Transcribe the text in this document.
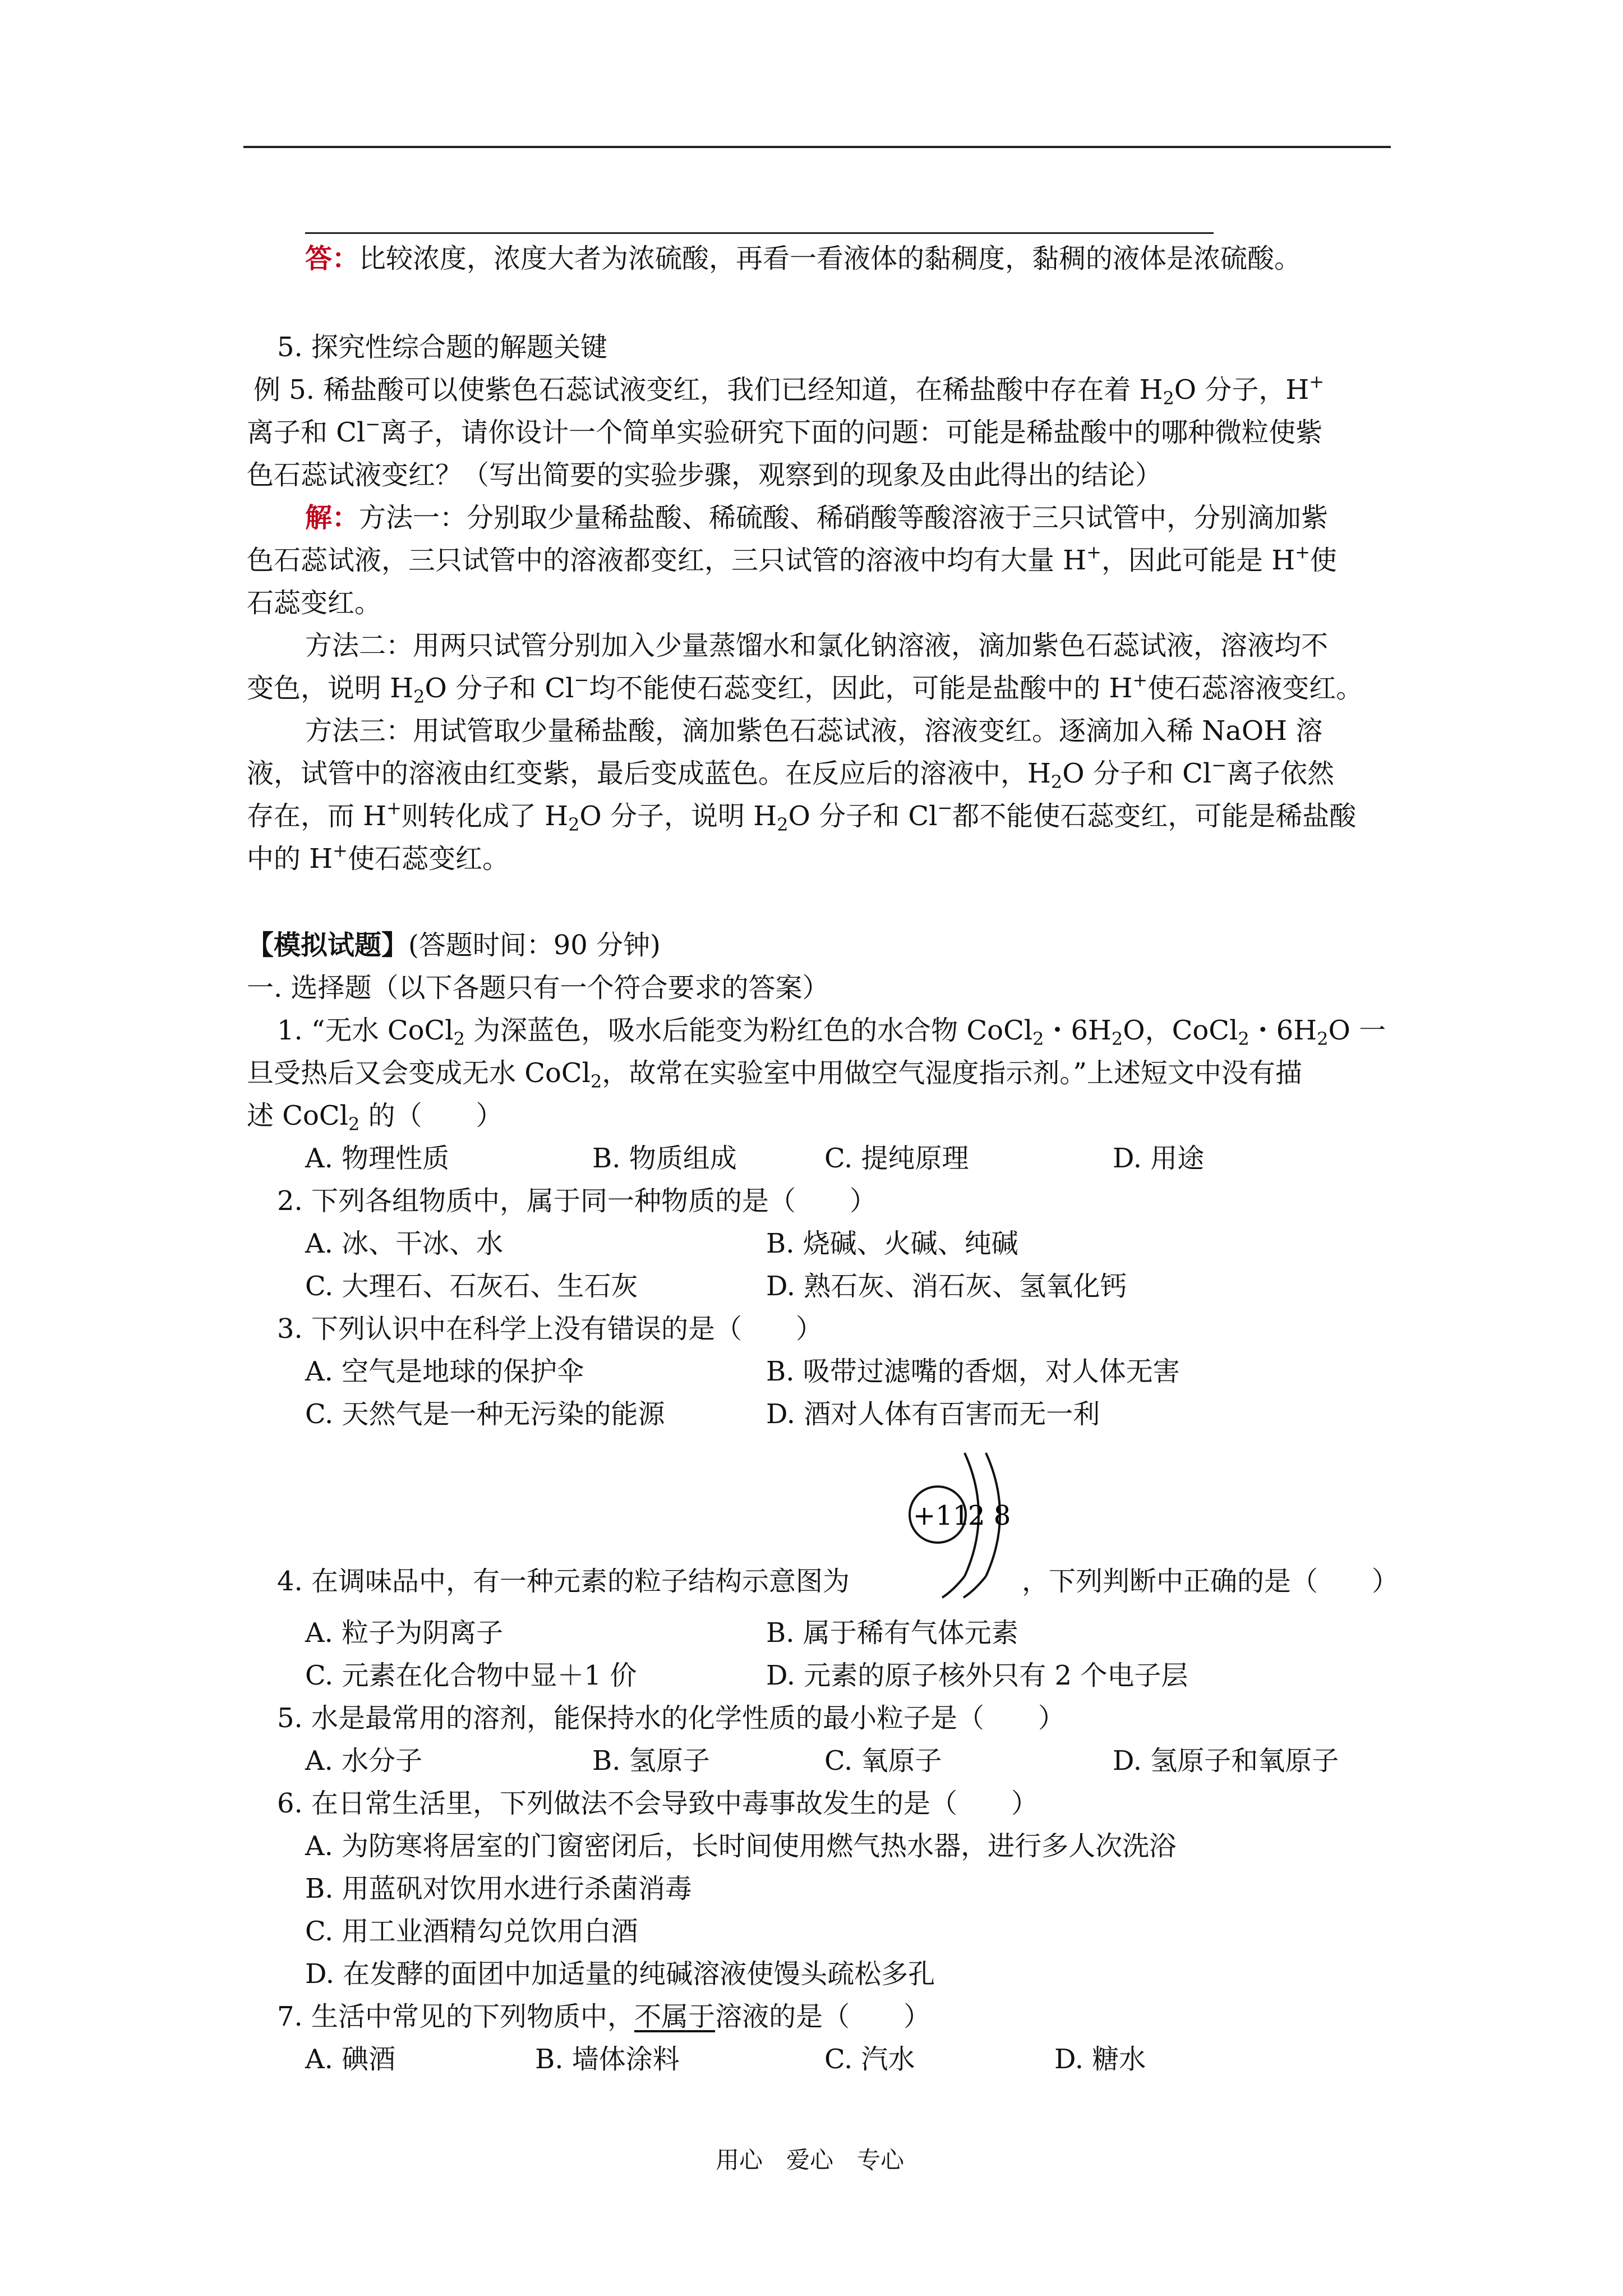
答：比较浓度，浓度大者为浓硫酸，再看一看液体的黏稠度，黏稠的液体是浓硫酸。
5. 探究性综合题的解题关键
例 5. 稀盐酸可以使紫色石蕊试液变红，我们已经知道，在稀盐酸中存在着 $H_2O$ 分子，H+
离子和 Cl−离子，请你设计一个简单实验研究下面的问题：可能是稀盐酸中的哪种微粒使紫
色石蕊试液变红？（写出简要的实验步骤，观察到的现象及由此得出的结论）
解：方法一：分别取少量稀盐酸、稀硫酸、稀硝酸等酸溶液于三只试管中，分别滴加紫
色石蕊试液，三只试管中的溶液都变红，三只试管的溶液中均有大量 H+，因此可能是 H+使
石蕊变红。
方法二：用两只试管分别加入少量蒸馏水和氯化钠溶液，滴加紫色石蕊试液，溶液均不
变色，说明 $H_2O$ 分子和 Cl−均不能使石蕊变红，因此，可能是盐酸中的 H+使石蕊溶液变红。
方法三：用试管取少量稀盐酸，滴加紫色石蕊试液，溶液变红。逐滴加入稀 NaOH 溶
液，试管中的溶液由红变紫，最后变成蓝色。在反应后的溶液中，$H_2O$ 分子和 Cl−离子依然
存在，而 H+则转化成了 $H_2O$ 分子，说明 $H_2O$ 分子和 Cl−都不能使石蕊变红，可能是稀盐酸
中的 H+使石蕊变红。
【模拟试题】(答题时间：90 分钟)
一. 选择题（以下各题只有一个符合要求的答案）
1. “无水 CoCl$_2$ 为深蓝色，吸水后能变为粉红色的水合物 CoCl$_2$・$6H_2O$，CoCl$_2$・$6H_2O$ 一
旦受热后又会变成无水 CoCl$_2$，故常在实验室中用做空气湿度指示剂。”上述短文中没有描
述 CoCl$_2$ 的（　　）
A. 物理性质	B. 物质组成	C. 提纯原理	D. 用途
2. 下列各组物质中，属于同一种物质的是（　　）
A. 冰、干冰、水	B. 烧碱、火碱、纯碱
C. 大理石、石灰石、生石灰	D. 熟石灰、消石灰、氢氧化钙
3. 下列认识中在科学上没有错误的是（　　）
A. 空气是地球的保护伞	B. 吸带过滤嘴的香烟，对人体无害
C. 天然气是一种无污染的能源	D. 酒对人体有百害而无一利
+11
2 8
4. 在调味品中，有一种元素的粒子结构示意图为	，下列判断中正确的是（　　）
A. 粒子为阴离子	B. 属于稀有气体元素
C. 元素在化合物中显＋1 价	D. 元素的原子核外只有 2 个电子层
5. 水是最常用的溶剂，能保持水的化学性质的最小粒子是（　　）
A. 水分子	B. 氢原子	C. 氧原子	D. 氢原子和氧原子
6. 在日常生活里，下列做法不会导致中毒事故发生的是（　　）
A. 为防寒将居室的门窗密闭后，长时间使用燃气热水器，进行多人次洗浴
B. 用蓝矾对饮用水进行杀菌消毒
C. 用工业酒精勾兑饮用白酒
D. 在发酵的面团中加适量的纯碱溶液使馒头疏松多孔
7. 生活中常见的下列物质中，不属于溶液的是（　　）
A. 碘酒	B. 墙体涂料	C. 汽水	D. 糖水
用心　爱心　专心
